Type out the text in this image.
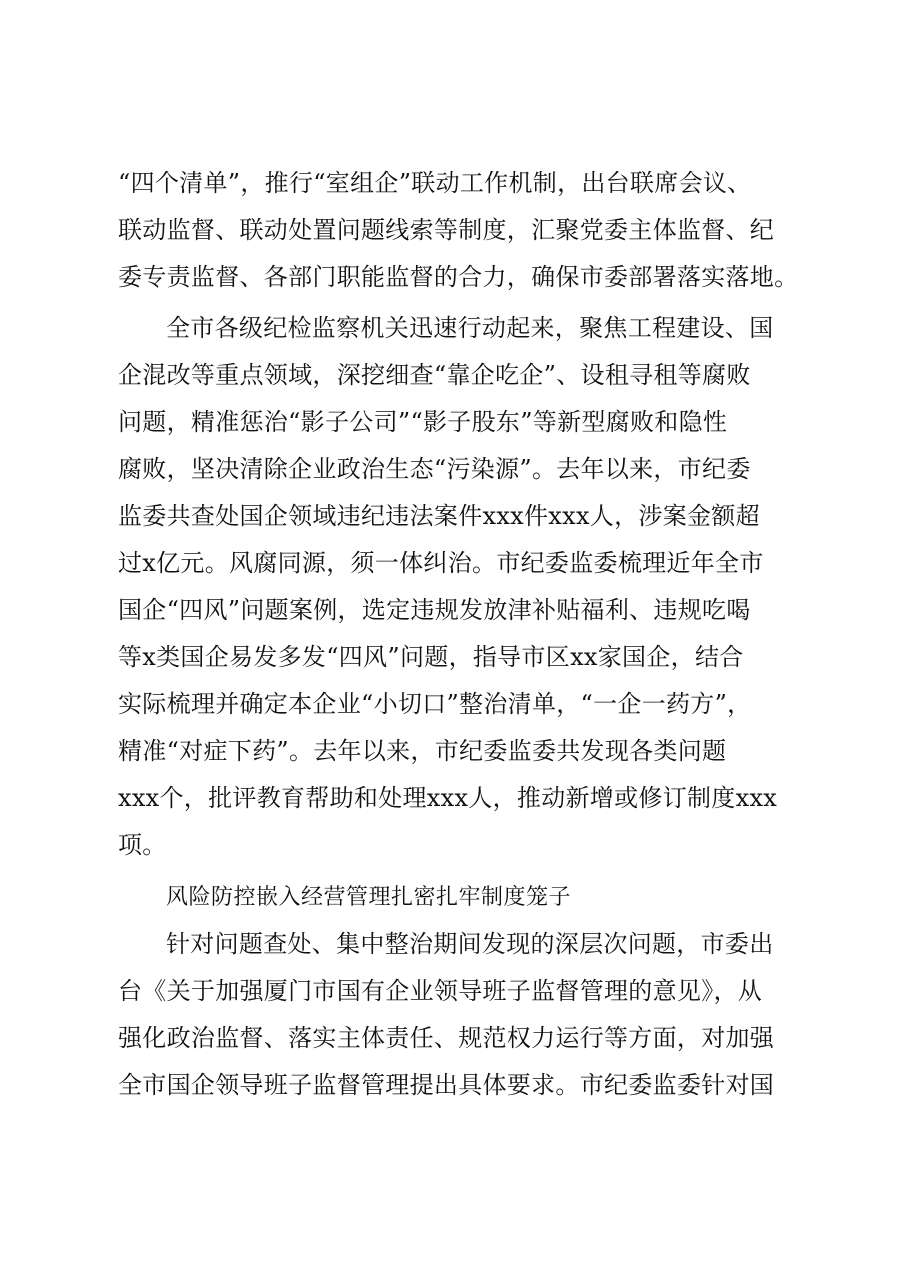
“四个清单”，推行“室组企”联动工作机制，出台联席会议、
联动监督、联动处置问题线索等制度，汇聚党委主体监督、纪
委专责监督、各部门职能监督的合力，确保市委部署落实落地。
全市各级纪检监察机关迅速行动起来，聚焦工程建设、国
企混改等重点领域，深挖细查“靠企吃企”、设租寻租等腐败
问题，精准惩治“影子公司”“影子股东”等新型腐败和隐性
腐败，坚决清除企业政治生态“污染源”。去年以来，市纪委
监委共查处国企领域违纪违法案件xxx件xxx人，涉案金额超
过x亿元。风腐同源，须一体纠治。市纪委监委梳理近年全市
国企“四风”问题案例，选定违规发放津补贴福利、违规吃喝
等x类国企易发多发“四风”问题，指导市区xx家国企，结合
实际梳理并确定本企业“小切口”整治清单，“一企一药方”，
精准“对症下药”。去年以来，市纪委监委共发现各类问题
xxx个，批评教育帮助和处理xxx人，推动新增或修订制度xxx
项。
风险防控嵌入经营管理扎密扎牢制度笼子
针对问题查处、集中整治期间发现的深层次问题，市委出
台《关于加强厦门市国有企业领导班子监督管理的意见》，从
强化政治监督、落实主体责任、规范权力运行等方面，对加强
全市国企领导班子监督管理提出具体要求。市纪委监委针对国
